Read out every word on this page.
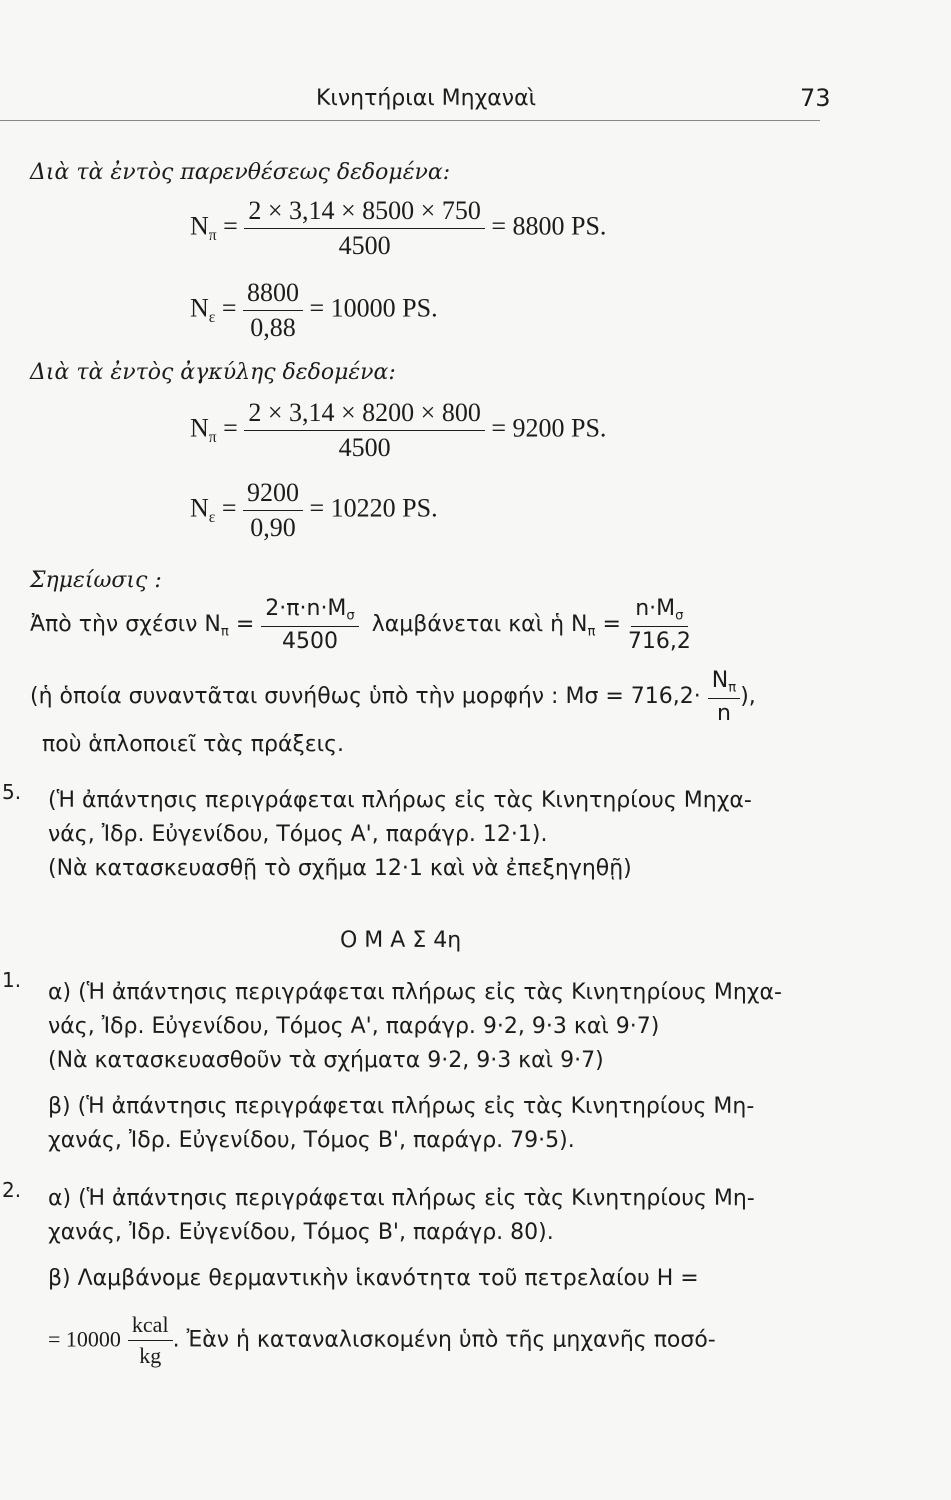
Κινητήριαι Μηχαναὶ	73
Διὰ τὰ ἐντὸς παρενθέσεως δεδομένα:
$N_\pi = \frac{2 \times 3,14 \times 8500 \times 750}{4500} = 8800$ PS.
$N_\varepsilon = \frac{8800}{0,88} = 10000$ PS.
Διὰ τὰ ἐντὸς ἀγκύλης δεδομένα:
$N_\pi = \frac{2 \times 3,14 \times 8200 \times 800}{4500} = 9200$ PS.
$N_\varepsilon = \frac{9200}{0,90} = 10220$ PS.
Σημείωσις :
Ἀπὸ τὴν σχέσιν $N_\pi = \frac{2\cdot\pi\cdot n\cdot M_\sigma}{4500}$ λαμβάνεται καὶ ἡ $N_\pi = \frac{n\cdot M_\sigma}{716,2}$
(ἡ ὁποία συναντᾶται συνήθως ὑπὸ τὴν μορφήν : $M\sigma = 716,2\cdot \frac{N_\pi}{n}$ ),
ποὺ ἁπλοποιεῖ τὰς πράξεις.
5. (Ἡ ἀπάντησις περιγράφεται πλήρως εἰς τὰς Κινητηρίους Μηχα-
νάς, Ἰδρ. Εὐγενίδου, Τόμος Α', παράγρ. 12·1).
(Νὰ κατασκευασθῇ τὸ σχῆμα 12·1 καὶ νὰ ἐπεξηγηθῇ)
Ο Μ Α Σ 4η
1. α) (Ἡ ἀπάντησις περιγράφεται πλήρως εἰς τὰς Κινητηρίους Μηχα-
νάς, Ἰδρ. Εὐγενίδου, Τόμος Α', παράγρ. 9·2, 9·3 καὶ 9·7)
(Νὰ κατασκευασθοῦν τὰ σχήματα 9·2, 9·3 καὶ 9·7)
β) (Ἡ ἀπάντησις περιγράφεται πλήρως εἰς τὰς Κινητηρίους Μη-
χανάς, Ἰδρ. Εὐγενίδου, Τόμος Β', παράγρ. 79·5).
2. α) (Ἡ ἀπάντησις περιγράφεται πλήρως εἰς τὰς Κινητηρίους Μη-
χανάς, Ἰδρ. Εὐγενίδου, Τόμος Β', παράγρ. 80).
β) Λαμβάνομε θερμαντικὴν ἱκανότητα τοῦ πετρελαίου H =
= $10000 \frac{\text{kcal}}{kg}$ . Ἐὰν ἡ καταναλισκομένη ὑπὸ τῆς μηχανῆς ποσό-
